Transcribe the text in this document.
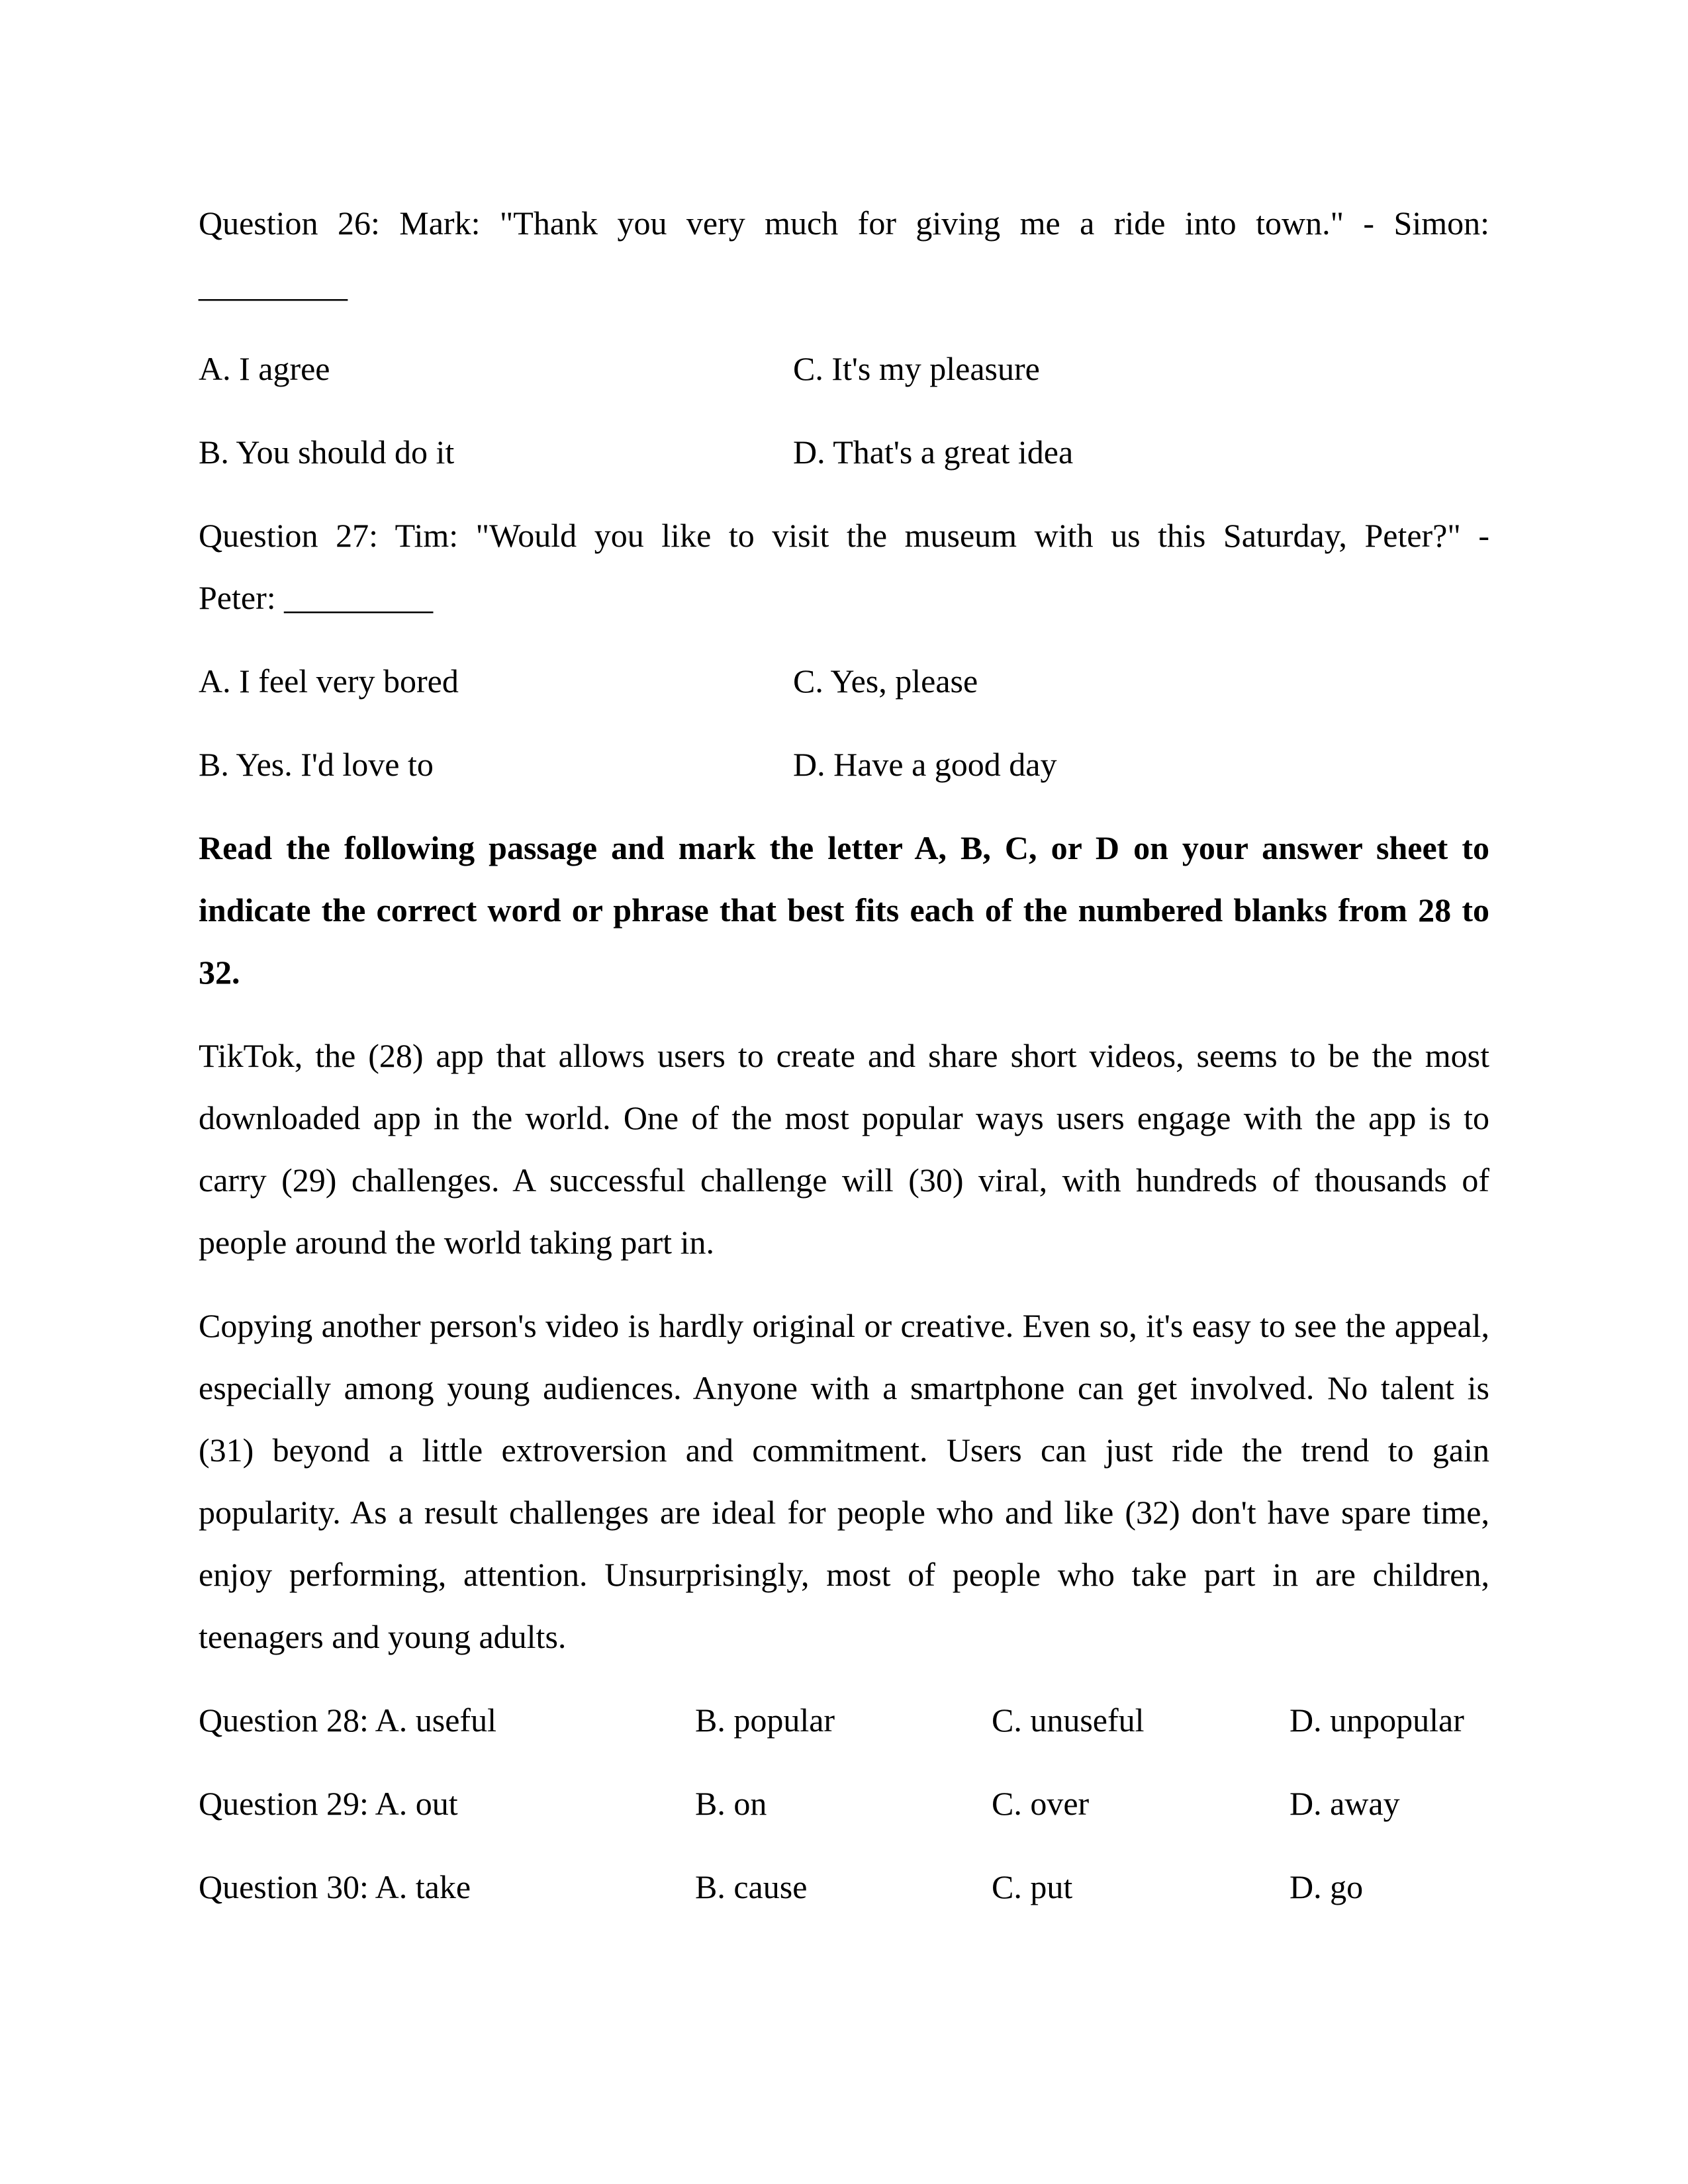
Question 26: Mark: "Thank you very much for giving me a ride into town." - Simon:
_________
A. I agree	C. It's my pleasure
B. You should do it	D. That's a great idea
Question 27: Tim: "Would you like to visit the museum with us this Saturday, Peter?" -
Peter: _________
A. I feel very bored	C. Yes, please
B. Yes. I'd love to	D. Have a good day
Read the following passage and mark the letter A, B, C, or D on your answer sheet to indicate the correct word or phrase that best fits each of the numbered blanks from 28 to 32.
TikTok, the (28) app that allows users to create and share short videos, seems to be the most downloaded app in the world. One of the most popular ways users engage with the app is to carry (29) challenges. A successful challenge will (30) viral, with hundreds of thousands of people around the world taking part in.
Copying another person's video is hardly original or creative. Even so, it's easy to see the appeal, especially among young audiences. Anyone with a smartphone can get involved. No talent is (31) beyond a little extroversion and commitment. Users can just ride the trend to gain popularity. As a result challenges are ideal for people who and like (32) don't have spare time, enjoy performing, attention. Unsurprisingly, most of people who take part in are children, teenagers and young adults.
Question 28: A. useful	B. popular	C. unuseful	D. unpopular
Question 29: A. out	B. on	C. over	D. away
Question 30: A. take	B. cause	C. put	D. go
